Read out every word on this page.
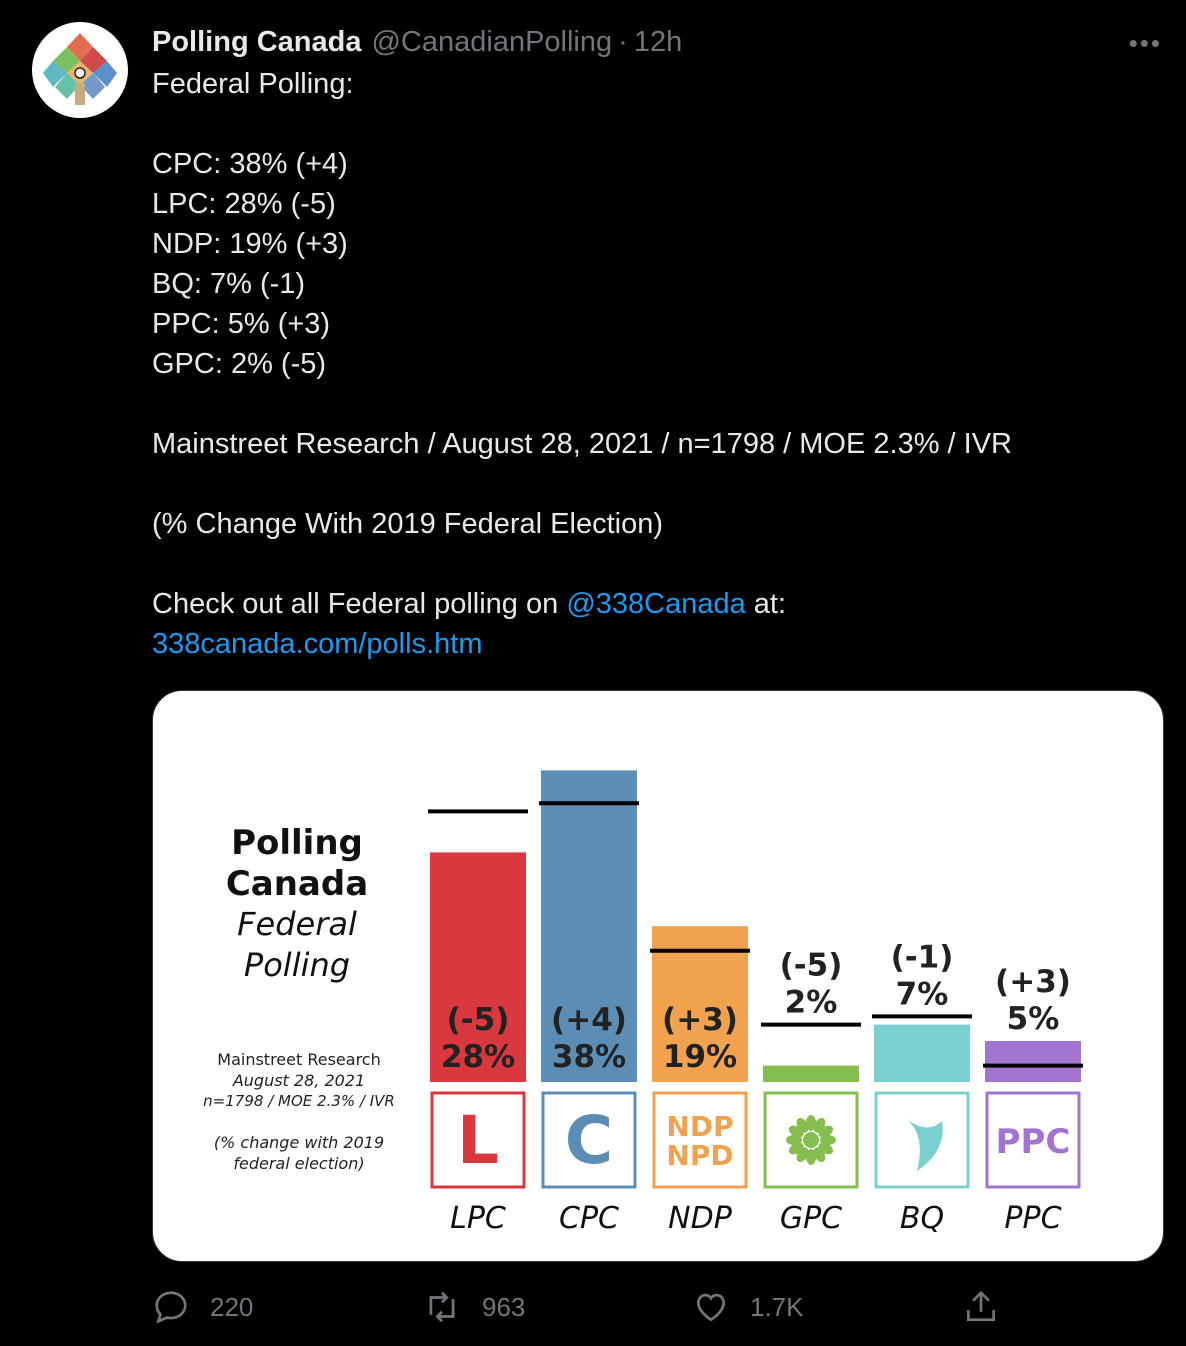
Polling Canada @CanadianPolling · 12h	•••
Federal Polling:

CPC: 38% (+4)
LPC: 28% (-5)
NDP: 19% (+3)
BQ: 7% (-1)
PPC: 5% (+3)
GPC: 2% (-5)

Mainstreet Research / August 28, 2021 / n=1798 / MOE 2.3% / IVR

(% Change With 2019 Federal Election)

Check out all Federal polling on @338Canada at:
338canada.com/polls.htm
Polling
Canada
Federal
Polling
Mainstreet Research
August 28, 2021
n=1798 / MOE 2.3% / IVR
(% change with 2019
federal election)
28%
(-5)
L
LPC
38%
(+4)
C
CPC
19%
(+3)
NDP
NPD
NDP
2%
(-5)
GPC
7%
(-1)
BQ
5%
(+3)
PPC
PPC
220	963	1.7K
